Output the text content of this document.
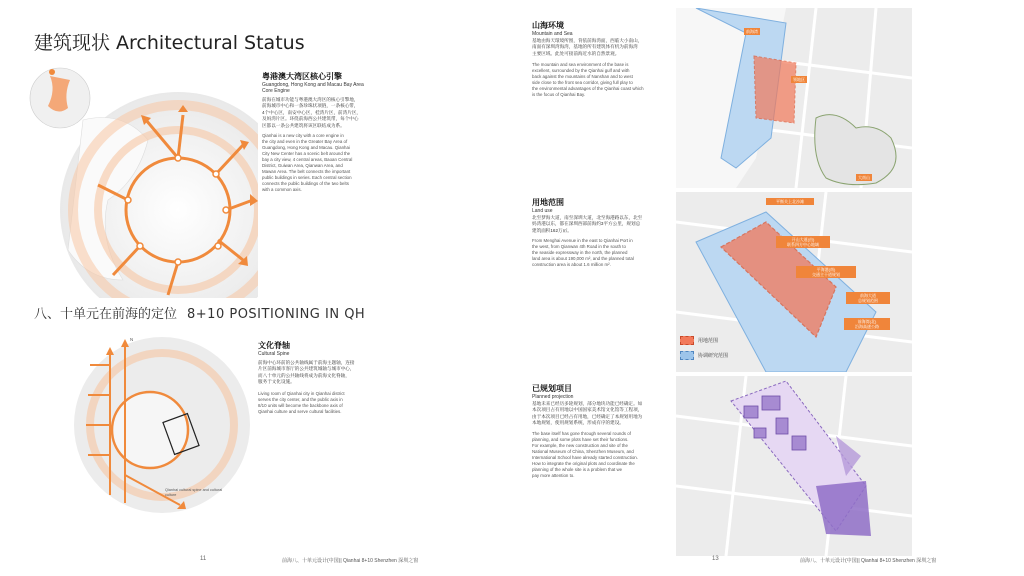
建筑现状 Architectural Status
粤港澳大湾区核心引擎
Guangdong, Hong Kong and Macau Bay Area
Core Engine
前海在城市功能与粤港澳大湾区的核心引擎地，
前海城市中心和一条珍珠状项链，一条核心带，
4个中心区，南安中心区，桂湾片区，前湾片区，
及妈湾片区。环绕前海西公共建筑带，每个中心
区都以一条公共建筑将该区联结成为系。
Qianhai is a new city with a core engine in
the city and even in the Greater Bay Area of
Guangdong, Hong Kong and Macau. Qianhai
City New Center has a scenic belt around the
bay a city view, 4 central areas, Baoan Central
District, Guiwan Area, Qianwan Area, and
Mawan Area. The belt connects the important
public buildings in series. Each central section
connects the public buildings of the two belts
with a common axis.
八、十单元在前海的定位 8+10 POSITIONING IN QH
N
Qianhai cultural spine and cultural
culture
文化脊轴
Cultural Spine
前海中心环前的公共轴线属于前海主题轴，连接
片区前海城市客厅的公共建筑城轴与城市中心，
而八十单元的公共轴线将成为前海文化脊轴，
服务于文化设施。
Living room of Qianhai city in Qianhai district
serves the city center, and the public axis in
8/10 units will become the backbone axis of
Qianhai culture and serve cultural facilities.
11	前海八、十单元设计(中国)| Qianhai 8+10 Shenzhen 深圳之窗
山海环境
Mountain and Sea
基地由海天環境所围，背依前海湾面，西临大小南山，
南面有深圳湾海湾，基地的所有建筑体有机为前海湾
主要区域。此处可接前海近水的自然景观。
The mountain and sea environment of the base is
excellent, surrounded by the Qianhai gulf and with
back against the mountains of Nanshan and to west
side close to the front sea corridor, giving full play to
the environmental advantages of the Qianhai coast which
is the focus of Qianhai Bay.
用地范围
Land use
北至梦海大道，南至深圳大道，北至海港路以东，北至
妈湾港以东，都在深圳西部前海约3平方公里，规划总
建筑面积162万㎡。
From Menghai Avenue in the east to Qianhai Port in
the west, from Qianwan 4th Road in the south to
the seaside expressway in the north, the planned
land area is about 190,000 m², and the planned total
construction area is about 1.6 million m².
已规划项目
Planned projection
基地未来已经历多轮规划，部分地块功能已经确定。如
本次项目占有用地以中国国家美术馆文化馆等工程项，
由于本次项目已经占有用地，已经确定了本规划用地为
本地规划，使用规划系统，形成有序的建设。
The base itself has gone through several rounds of
planning, and some plots have set their functions.
For example, the new construction and site of the
National Museum of China, Shenzhen Museum, and
International School have already started construction.
How to integrate the original plots and coordinate the
planning of the whole site is a problem that we
pay more attention to.
前海湾
领地区
大南山
平衡关上北沙滩
开山大道(由)
联系四方中心地域
平海港(南)
交通主干道规划
前海大道
总规划范围
前海湾(北)
沿海高速公路
用地范围
协调研究范围
13	前海八、十单元设计(中国)| Qianhai 8+10 Shenzhen 深圳之窗
